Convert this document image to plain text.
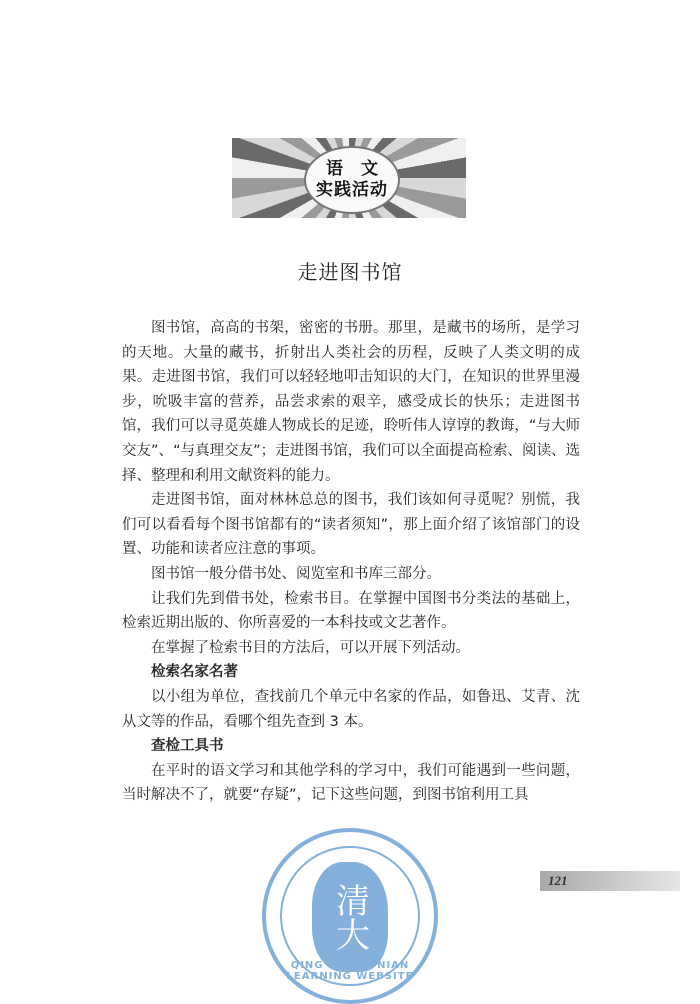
语文
实践活动
走进图书馆

图书馆，高高的书架，密密的书册。那里，是藏书的场所，是学习的天地。大量的藏书，折射出人类社会的历程，反映了人类文明的成果。走进图书馆，我们可以轻轻地叩击知识的大门，在知识的世界里漫步，吮吸丰富的营养，品尝求索的艰辛，感受成长的快乐；走进图书馆，我们可以寻觅英雄人物成长的足迹，聆听伟人谆谆的教诲，“与大师交友”、“与真理交友”；走进图书馆，我们可以全面提高检索、阅读、选择、整理和利用文献资料的能力。

走进图书馆，面对林林总总的图书，我们该如何寻觅呢？别慌，我们可以看看每个图书馆都有的“读者须知”，那上面介绍了该馆部门的设置、功能和读者应注意的事项。

图书馆一般分借书处、阅览室和书库三部分。

让我们先到借书处，检索书目。在掌握中国图书分类法的基础上，检索近期出版的、你所喜爱的一本科技或文艺著作。

在掌握了检索书目的方法后，可以开展下列活动。

检索名家名著

以小组为单位，查找前几个单元中名家的作品，如鲁迅、艾青、沈从文等的作品，看哪个组先查到 3 本。

查检工具书

在平时的语文学习和其他学科的学习中，我们可能遇到一些问题，当时解决不了，就要“存疑”，记下这些问题，到图书馆利用工具

121
清大
QING DA BAI NIAN LEARNING WEBSITE
